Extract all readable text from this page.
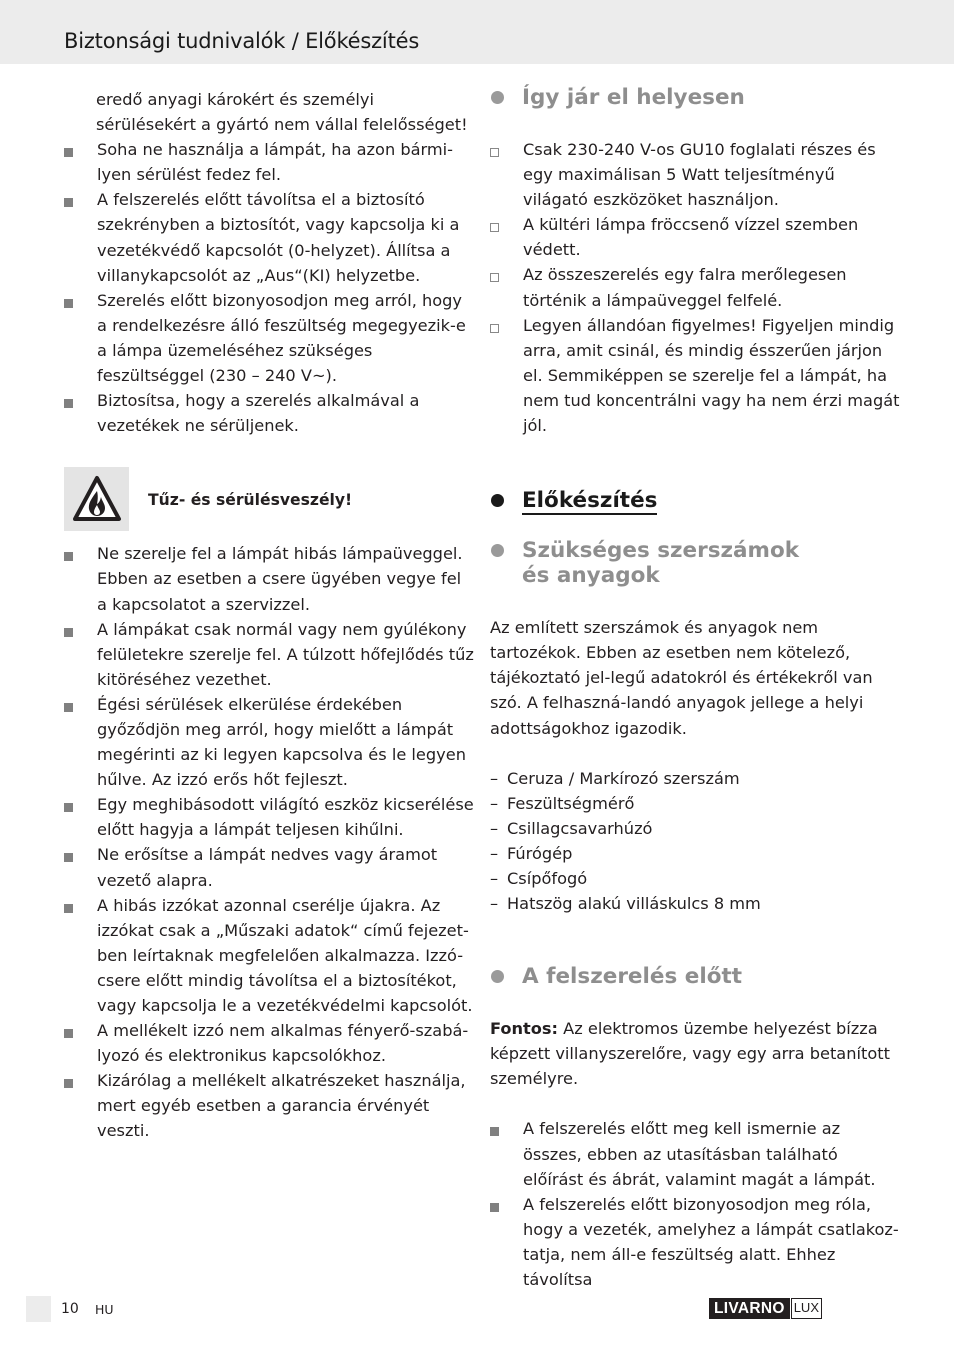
Biztonsági tudnivalók / Előkészítés

eredő anyagi károkért és személyi sérülésekért a gyártó nem vállal felelősséget!

Soha ne használja a lámpát, ha azon bármi-lyen sérülést fedez fel.

A felszerelés előtt távolítsa el a biztosító szekrényben a biztosítót, vagy kapcsolja ki a vezetékvédő kapcsolót (0-helyzet). Állítsa a villanykapcsolót az „Aus“(KI) helyzetbe.

Szerelés előtt bizonyosodjon meg arról, hogy a rendelkezésre álló feszültség megegyezik-e a lámpa üzemeléséhez szükséges feszültséggel (230 – 240 V~).

Biztosítsa, hogy a szerelés alkalmával a vezetékek ne sérüljenek.

Tűz- és sérülésveszély!

Ne szerelje fel a lámpát hibás lámpaüveggel. Ebben az esetben a csere ügyében vegye fel a kapcsolatot a szervizzel.

A lámpákat csak normál vagy nem gyúlékony felületekre szerelje fel. A túlzott hőfejlődés tűz kitöréséhez vezethet.

Égési sérülések elkerülése érdekében győződjön meg arról, hogy mielőtt a lámpát megérinti az ki legyen kapcsolva és le legyen hűlve. Az izzó erős hőt fejleszt.

Egy meghibásodott világító eszköz kicserélése előtt hagyja a lámpát teljesen kihűlni.

Ne erősítse a lámpát nedves vagy áramot vezető alapra.

A hibás izzókat azonnal cserélje újakra. Az izzókat csak a „Műszaki adatok“ című fejezet-ben leírtaknak megfelelően alkalmazza. Izzó-csere előtt mindig távolítsa el a biztosítékot, vagy kapcsolja le a vezetékvédelmi kapcsolót.

A mellékelt izzó nem alkalmas fényerő-szabá-lyozó és elektronikus kapcsolókhoz.

Kizárólag a mellékelt alkatrészeket használja, mert egyéb esetben a garancia érvényét veszti.

Így jár el helyesen

Csak 230-240 V-os GU10 foglalati részes és egy maximálisan 5 Watt teljesítményű világató eszközöket használjon.

A kültéri lámpa fröccsenő vízzel szemben védett.

Az összeszerelés egy falra merőlegesen történik a lámpaüveggel felfelé.

Legyen állandóan figyelmes! Figyeljen mindig arra, amit csinál, és mindig ésszerűen járjon el. Semmiképpen se szerelje fel a lámpát, ha nem tud koncentrálni vagy ha nem érzi magát jól.

Előkészítés
Szükséges szerszámok és anyagok

Az említett szerszámok és anyagok nem tartozékok. Ebben az esetben nem kötelező, tájékoztató jel-legű adatokról és értékekről van szó. A felhaszná-landó anyagok jellege a helyi adottságokhoz igazodik.

– Ceruza / Markírozó szerszám

– Feszültségmérő

– Csillagcsavarhúzó

– Fúrógép

– Csípőfogó

– Hatszög alakú villáskulcs 8 mm

A felszerelés előtt

Fontos: Az elektromos üzembe helyezést bízza képzett villanyszerelőre, vagy egy arra betanított személyre.

A felszerelés előtt meg kell ismernie az összes, ebben az utasításban található előírást és ábrát, valamint magát a lámpát.

A felszerelés előtt bizonyosodjon meg róla, hogy a vezeték, amelyhez a lámpát csatlakoz-tatja, nem áll-e feszültség alatt. Ehhez távolítsa

10 HU	LIVARNO LUX
